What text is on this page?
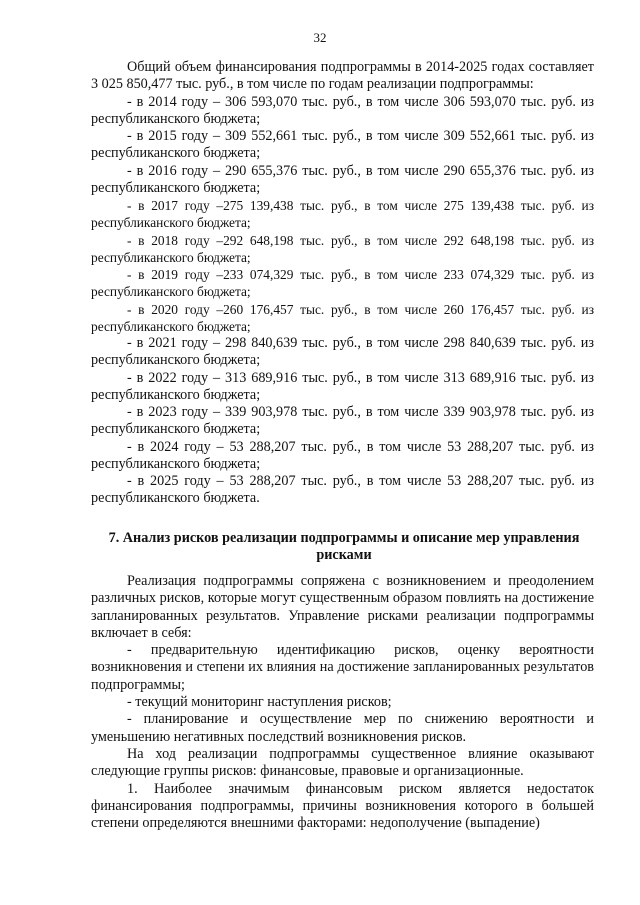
32

Общий объем финансирования подпрограммы в 2014-2025 годах составляет 3 025 850,477 тыс. руб., в том числе по годам реализации подпрограммы:

- в 2014 году – 306 593,070 тыс. руб., в том числе 306 593,070 тыс. руб. из республиканского бюджета;

- в 2015 году – 309 552,661 тыс. руб., в том числе 309 552,661 тыс. руб. из республиканского бюджета;

- в 2016 году – 290 655,376 тыс. руб., в том числе 290 655,376 тыс. руб. из республиканского бюджета;

- в 2017 году –275 139,438 тыс. руб., в том числе 275 139,438 тыс. руб. из республиканского бюджета;

- в 2018 году –292 648,198 тыс. руб., в том числе 292 648,198 тыс. руб. из республиканского бюджета;

- в 2019 году –233 074,329 тыс. руб., в том числе 233 074,329 тыс. руб. из республиканского бюджета;

- в 2020 году –260 176,457 тыс. руб., в том числе 260 176,457 тыс. руб. из республиканского бюджета;

- в 2021 году – 298 840,639 тыс. руб., в том числе 298 840,639 тыс. руб. из республиканского бюджета;

- в 2022 году – 313 689,916 тыс. руб., в том числе 313 689,916 тыс. руб. из республиканского бюджета;

- в 2023 году – 339 903,978 тыс. руб., в том числе 339 903,978 тыс. руб. из республиканского бюджета;

- в 2024 году – 53 288,207 тыс. руб., в том числе 53 288,207 тыс. руб. из республиканского бюджета;

- в 2025 году – 53 288,207 тыс. руб., в том числе 53 288,207 тыс. руб. из республиканского бюджета.

7. Анализ рисков реализации подпрограммы и описание мер управления рисками

Реализация подпрограммы сопряжена с возникновением и преодолением различных рисков, которые могут существенным образом повлиять на достижение запланированных результатов. Управление рисками реализации подпрограммы включает в себя:

- предварительную идентификацию рисков, оценку вероятности возникновения и степени их влияния на достижение запланированных результатов подпрограммы;

- текущий мониторинг наступления рисков;

- планирование и осуществление мер по снижению вероятности и уменьшению негативных последствий возникновения рисков.

На ход реализации подпрограммы существенное влияние оказывают следующие группы рисков: финансовые, правовые и организационные.

1. Наиболее значимым финансовым риском является недостаток финансирования подпрограммы, причины возникновения которого в большей степени определяются внешними факторами: недополучение (выпадение)
